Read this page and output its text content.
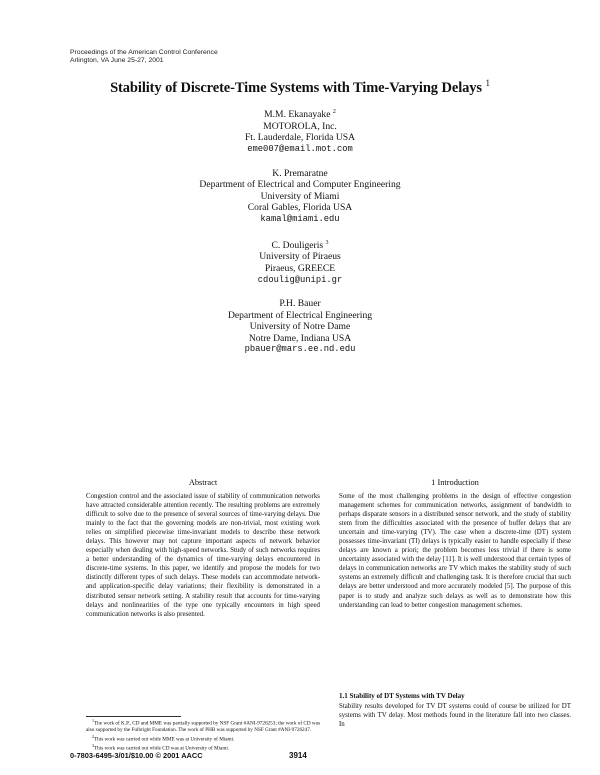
Proceedings of the American Control Conference
Arlington, VA June 25-27, 2001
Stability of Discrete-Time Systems with Time-Varying Delays $^1$
M.M. Ekanayake $^2$
MOTOROLA, Inc.
Ft. Lauderdale, Florida USA
eme007@email.mot.com
K. Premaratne
Department of Electrical and Computer Engineering
University of Miami
Coral Gables, Florida USA
kamal@miami.edu
C. Douligeris $^3$
University of Piraeus
Piraeus, GREECE
cdoulig@unipi.gr
P.H. Bauer
Department of Electrical Engineering
University of Notre Dame
Notre Dame, Indiana USA
pbauer@mars.ee.nd.edu
Abstract	1 Introduction
Congestion control and the associated issue of stability of communication networks have attracted considerable attention recently. The resulting problems are extremely difficult to solve due to the presence of several sources of time-varying delays. Due mainly to the fact that the governing models are non-trivial, most existing work relies on simplified piecewise time-invariant models to describe these network delays. This however may not capture important aspects of network behavior especially when dealing with high-speed networks. Study of such networks requires a better understanding of the dynamics of time-varying delays encountered in discrete-time systems. In this paper, we identify and propose the models for two distinctly different types of such delays. These models can accommodate network- and application-specific delay variations; their flexibility is demonstrated in a distributed sensor network setting. A stability result that accounts for time-varying delays and nonlinearities of the type one typically encounters in high speed communication networks is also presented.
Some of the most challenging problems in the design of effective congestion management schemes for communication networks, assignment of bandwidth to perhaps disparate sensors in a distributed sensor network, and the study of stability stem from the difficulties associated with the presence of buffer delays that are uncertain and time-varying (TV). The case when a discrete-time (DT) system possesses time-invariant (TI) delays is typically easier to handle especially if these delays are known a priori; the problem becomes less trivial if there is some uncertainty associated with the delay [11]. It is well understood that certain types of delays in communication networks are TV which makes the stability study of such systems an extremely difficult and challenging task. It is therefore crucial that such delays are better understood and more accurately modeled [5]. The purpose of this paper is to study and analyze such delays as well as to demonstrate how this understanding can lead to better congestion management schemes.
1.1 Stability of DT Systems with TV Delay
Stability results developed for TV DT systems could of course be utilized for DT systems with TV delay. Most methods found in the literature fall into two classes. In

$^1$The work of K.P., CD and MME was partially supported by NSF Grant #ANI-9726253; the work of CD was also supported by the Fulbright Foundation. The work of PHB was supported by NSF Grant #ANI-9726247.

$^2$This work was carried out while MME was at University of Miami.

$^3$This work was carried out while CD was at University of Miami.

0-7803-6495-3/01/$10.00 © 2001 AACC	3914
